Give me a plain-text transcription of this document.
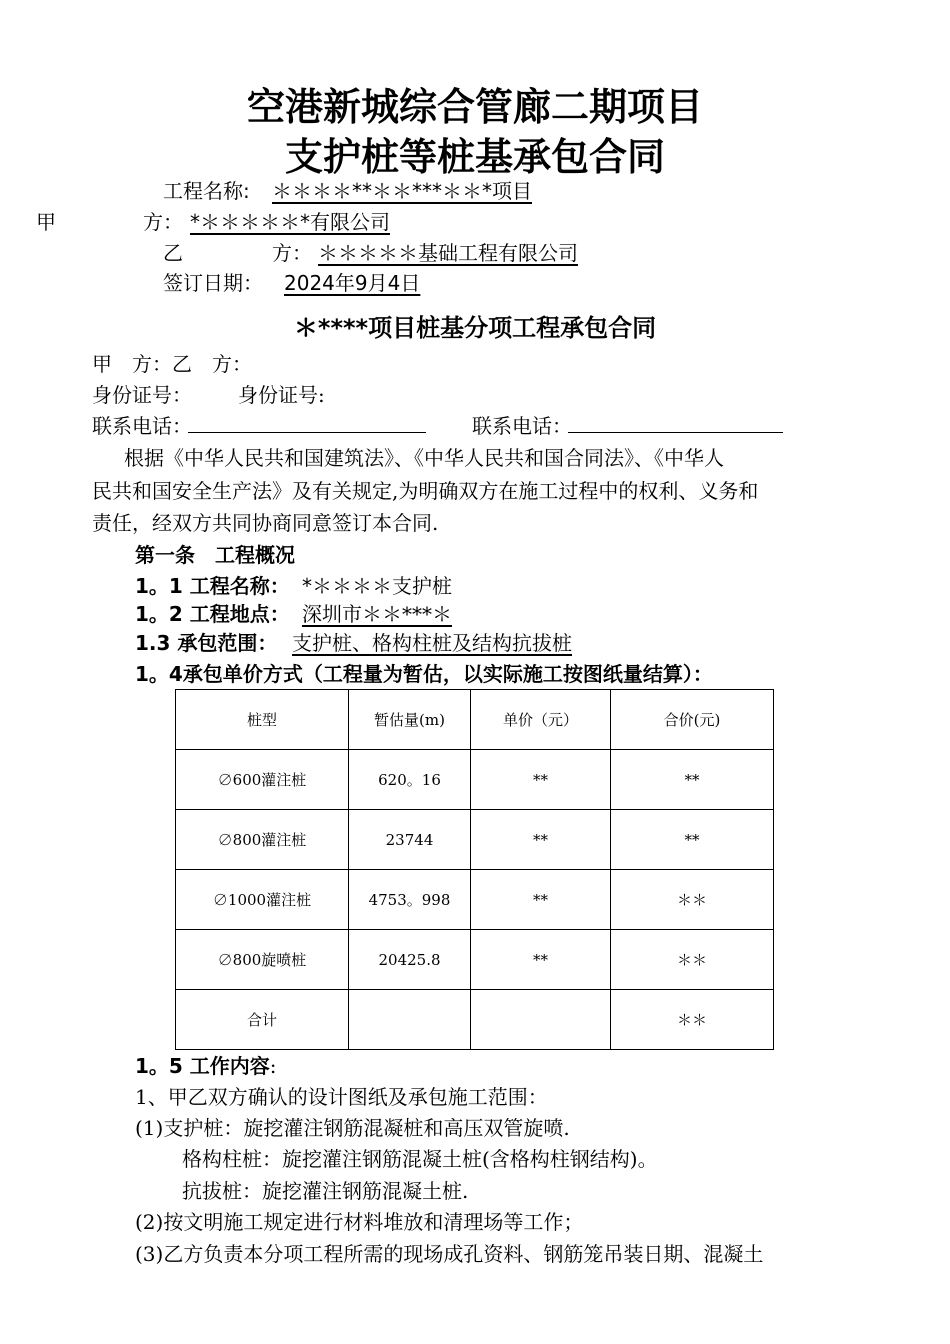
空港新城综合管廊二期项目
支护桩等桩基承包合同
工程名称: ＊＊＊＊**＊＊***＊＊*项目
甲	方： *＊＊＊＊＊*有限公司
乙	方： ＊＊＊＊＊基础工程有限公司
签订日期： 2024年9月4日
＊****项目桩基分项工程承包合同
甲　方：乙　方：
身份证号： 身份证号:
联系电话：	联系电话：
根据《中华人民共和国建筑法》、《中华人民共和国合同法》、《中华人
民共和国安全生产法》及有关规定,为明确双方在施工过程中的权利、义务和
责任，经双方共同协商同意签订本合同.
第一条　工程概况
1。1 工程名称： *＊＊＊＊支护桩
1。2 工程地点： 深圳市＊＊***＊
1.3 承包范围： 支护桩、格构柱桩及结构抗拔桩
1。4承包单价方式（工程量为暂估，以实际施工按图纸量结算）：
桩型	暂估量(m)	单价（元）	合价(元)
∅600灌注桩	620。16	**	**
∅800灌注桩	23744	**	**
∅1000灌注桩	4753。998	**	＊＊
∅800旋喷桩	20425.8	**	＊＊
合计			＊＊
1。5 工作内容:
1、甲乙双方确认的设计图纸及承包施工范围：
(1)支护桩：旋挖灌注钢筋混凝桩和高压双管旋喷.
格构柱桩：旋挖灌注钢筋混凝土桩(含格构柱钢结构)。
抗拔桩：旋挖灌注钢筋混凝土桩.
(2)按文明施工规定进行材料堆放和清理场等工作；
(3)乙方负责本分项工程所需的现场成孔资料、钢筋笼吊装日期、混凝土
